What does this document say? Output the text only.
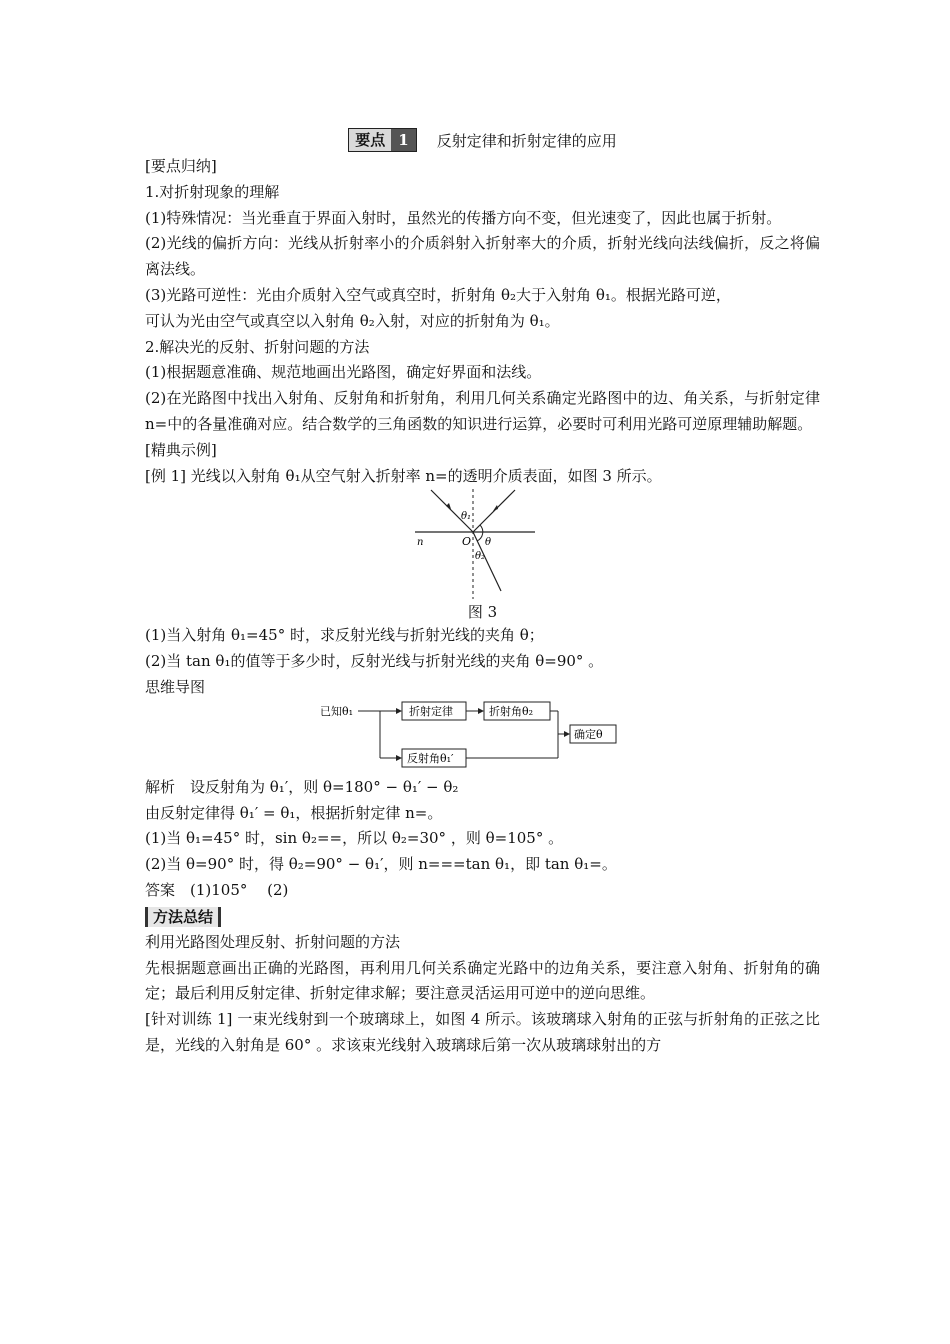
要点 1	反射定律和折射定律的应用
[要点归纳]
1.对折射现象的理解
(1)特殊情况：当光垂直于界面入射时，虽然光的传播方向不变，但光速变了，因此也属于折射。
(2)光线的偏折方向：光线从折射率小的介质斜射入折射率大的介质，折射光线向法线偏折，反之将偏离法线。
(3)光路可逆性：光由介质射入空气或真空时，折射角 θ₂大于入射角 θ₁。根据光路可逆，
可认为光由空气或真空以入射角 θ₂入射，对应的折射角为 θ₁。
2.解决光的反射、折射问题的方法
(1)根据题意准确、规范地画出光路图，确定好界面和法线。
(2)在光路图中找出入射角、反射角和折射角，利用几何关系确定光路图中的边、角关系，与折射定律 n=中的各量准确对应。结合数学的三角函数的知识进行运算，必要时可利用光路可逆原理辅助解题。
[精典示例]
[例 1] 光线以入射角 θ₁从空气射入折射率 n=的透明介质表面，如图 3 所示。
θ₁
O θ
θ₂
n
图 3
(1)当入射角 θ₁=45° 时，求反射光线与折射光线的夹角 θ；
(2)当 tan θ₁的值等于多少时，反射光线与折射光线的夹角 θ=90° 。
思维导图
已知θ₁	折射定律	折射角θ₂
反射角θ₁′
确定θ
解析　设反射角为 θ₁′，则 θ=180° − θ₁′ − θ₂
由反射定律得 θ₁′ = θ₁，根据折射定律 n=。
(1)当 θ₁=45° 时，sin θ₂==，所以 θ₂=30° ，则 θ=105° 。
(2)当 θ=90° 时，得 θ₂=90° − θ₁′，则 n===tan θ₁，即 tan θ₁=。
答案　(1)105°　 (2)
方法总结
利用光路图处理反射、折射问题的方法
先根据题意画出正确的光路图，再利用几何关系确定光路中的边角关系，要注意入射角、折射角的确定；最后利用反射定律、折射定律求解；要注意灵活运用可逆中的逆向思维。
[针对训练 1] 一束光线射到一个玻璃球上，如图 4 所示。该玻璃球入射角的正弦与折射角的正弦之比是，光线的入射角是 60° 。求该束光线射入玻璃球后第一次从玻璃球射出的方
